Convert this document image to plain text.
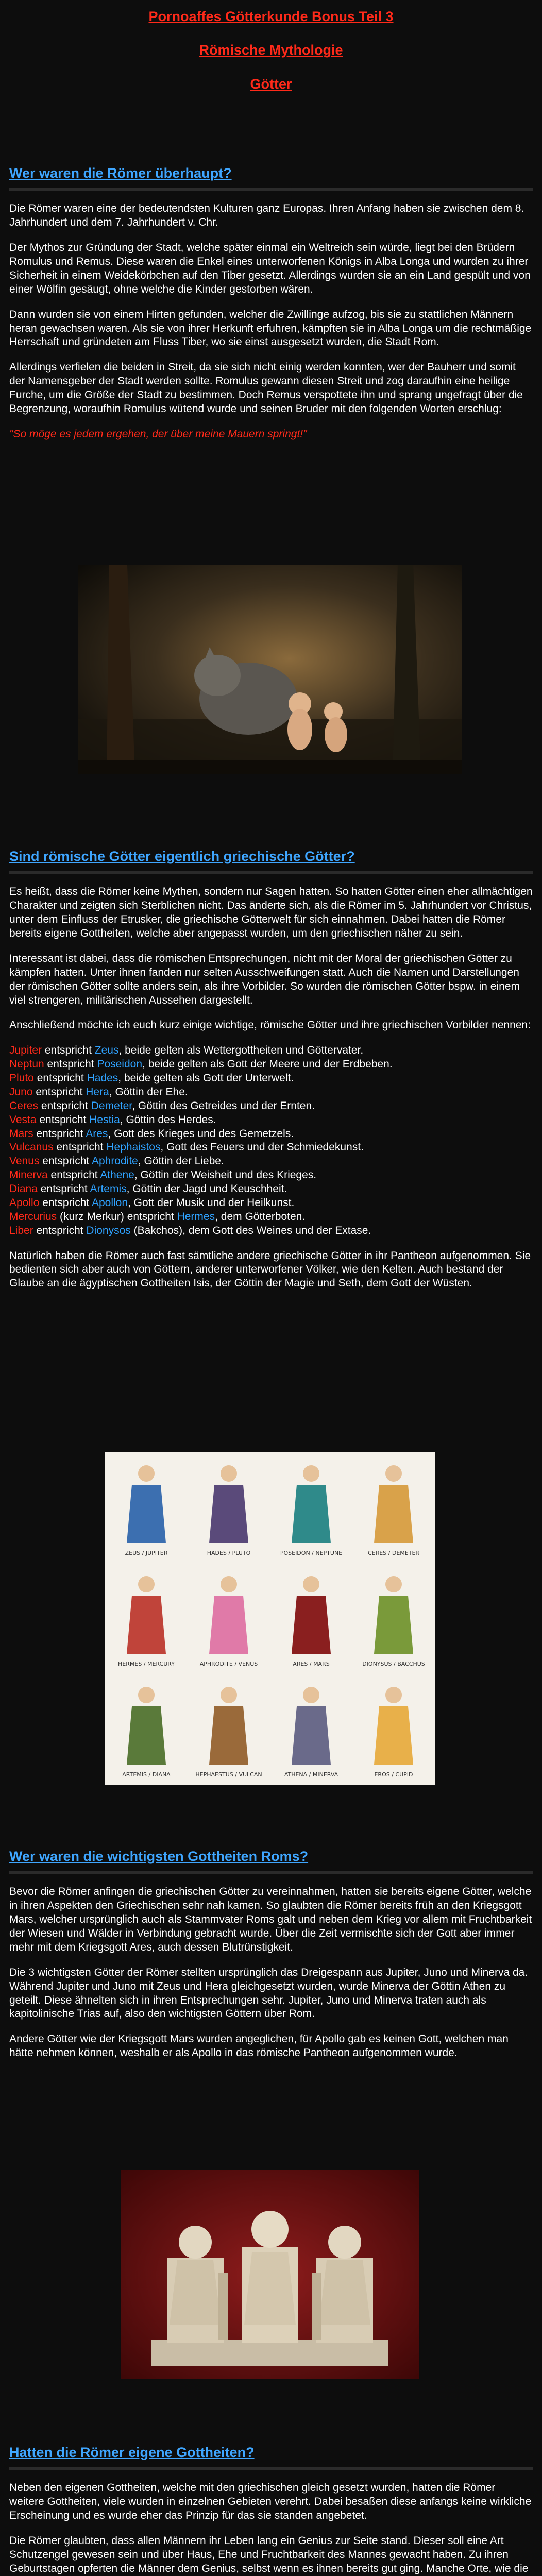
Pornoaffes Götterkunde Bonus Teil 3
Römische Mythologie
Götter
Wer waren die Römer überhaupt?

Die Römer waren eine der bedeutendsten Kulturen ganz Europas. Ihren Anfang haben sie zwischen dem 8. Jahrhundert und dem 7. Jahrhundert v. Chr.

Der Mythos zur Gründung der Stadt, welche später einmal ein Weltreich sein würde, liegt bei den Brüdern Romulus und Remus. Diese waren die Enkel eines unterworfenen Königs in Alba Longa und wurden zu ihrer Sicherheit in einem Weidekörbchen auf den Tiber gesetzt. Allerdings wurden sie an ein Land gespült und von einer Wölfin gesäugt, ohne welche die Kinder gestorben wären.

Dann wurden sie von einem Hirten gefunden, welcher die Zwillinge aufzog, bis sie zu stattlichen Männern heran gewachsen waren. Als sie von ihrer Herkunft erfuhren, kämpften sie in Alba Longa um die rechtmäßige Herrschaft und gründeten am Fluss Tiber, wo sie einst ausgesetzt wurden, die Stadt Rom.

Allerdings verfielen die beiden in Streit, da sie sich nicht einig werden konnten, wer der Bauherr und somit der Namensgeber der Stadt werden sollte. Romulus gewann diesen Streit und zog daraufhin eine heilige Furche, um die Größe der Stadt zu bestimmen. Doch Remus verspottete ihn und sprang ungefragt über die Begrenzung, woraufhin Romulus wütend wurde und seinen Bruder mit den folgenden Worten erschlug:

"So möge es jedem ergehen, der über meine Mauern springt!"

Sind römische Götter eigentlich griechische Götter?

Es heißt, dass die Römer keine Mythen, sondern nur Sagen hatten. So hatten Götter einen eher allmächtigen Charakter und zeigten sich Sterblichen nicht. Das änderte sich, als die Römer im 5. Jahrhundert vor Christus, unter dem Einfluss der Etrusker, die griechische Götterwelt für sich einnahmen. Dabei hatten die Römer bereits eigene Gottheiten, welche aber angepasst wurden, um den griechischen näher zu sein.

Interessant ist dabei, dass die römischen Entsprechungen, nicht mit der Moral der griechischen Götter zu kämpfen hatten. Unter ihnen fanden nur selten Ausschweifungen statt. Auch die Namen und Darstellungen der römischen Götter sollte anders sein, als ihre Vorbilder. So wurden die römischen Götter bspw. in einem viel strengeren, militärischen Aussehen dargestellt.

Anschließend möchte ich euch kurz einige wichtige, römische Götter und ihre griechischen Vorbilder nennen:

Jupiter entspricht Zeus, beide gelten als Wettergottheiten und Göttervater.
Neptun entspricht Poseidon, beide gelten als Gott der Meere und der Erdbeben.
Pluto entspricht Hades, beide gelten als Gott der Unterwelt.
Juno entspricht Hera, Göttin der Ehe.
Ceres entspricht Demeter, Göttin des Getreides und der Ernten.
Vesta entspricht Hestia, Göttin des Herdes.
Mars entspricht Ares, Gott des Krieges und des Gemetzels.
Vulcanus entspricht Hephaistos, Gott des Feuers und der Schmiedekunst.
Venus entspricht Aphrodite, Göttin der Liebe.
Minerva entspricht Athene, Göttin der Weisheit und des Krieges.
Diana entspricht Artemis, Göttin der Jagd und Keuschheit.
Apollo entspricht Apollon, Gott der Musik und der Heilkunst.
Mercurius (kurz Merkur) entspricht Hermes, dem Götterboten.
Liber entspricht Dionysos (Bakchos), dem Gott des Weines und der Extase.

Natürlich haben die Römer auch fast sämtliche andere griechische Götter in ihr Pantheon aufgenommen. Sie bedienten sich aber auch von Göttern, anderer unterworfener Völker, wie den Kelten. Auch bestand der Glaube an die ägyptischen Gottheiten Isis, der Göttin der Magie und Seth, dem Gott der Wüsten.

ZEUS / JUPITER	HADES / PLUTO	POSEIDON / NEPTUNE	CERES / DEMETER
HERMES / MERCURY	APHRODITE / VENUS	ARES / MARS	DIONYSUS / BACCHUS
ARTEMIS / DIANA	HEPHAESTUS / VULCAN	ATHENA / MINERVA	EROS / CUPID
Wer waren die wichtigsten Gottheiten Roms?

Bevor die Römer anfingen die griechischen Götter zu vereinnahmen, hatten sie bereits eigene Götter, welche in ihren Aspekten den Griechischen sehr nah kamen. So glaubten die Römer bereits früh an den Kriegsgott Mars, welcher ursprünglich auch als Stammvater Roms galt und neben dem Krieg vor allem mit Fruchtbarkeit der Wiesen und Wälder in Verbindung gebracht wurde. Über die Zeit vermischte sich der Gott aber immer mehr mit dem Kriegsgott Ares, auch dessen Blutrünstigkeit.

Die 3 wichtigsten Götter der Römer stellten ursprünglich das Dreigespann aus Jupiter, Juno und Minerva da. Während Jupiter und Juno mit Zeus und Hera gleichgesetzt wurden, wurde Minerva der Göttin Athen zu geteilt. Diese ähnelten sich in ihren Entsprechungen sehr. Jupiter, Juno und Minerva traten auch als kapitolinische Trias auf, also den wichtigsten Göttern über Rom.

Andere Götter wie der Kriegsgott Mars wurden angeglichen, für Apollo gab es keinen Gott, welchen man hätte nehmen können, weshalb er als Apollo in das römische Pantheon aufgenommen wurde.

Hatten die Römer eigene Gottheiten?

Neben den eigenen Gottheiten, welche mit den griechischen gleich gesetzt wurden, hatten die Römer weitere Gottheiten, viele wurden in einzelnen Gebieten verehrt. Dabei besaßen diese anfangs keine wirkliche Erscheinung und es wurde eher das Prinzip für das sie standen angebetet.

Die Römer glaubten, dass allen Männern ihr Leben lang ein Genius zur Seite stand. Dieser soll eine Art Schutzengel gewesen sein und über Haus, Ehe und Fruchtbarkeit des Mannes gewacht haben. Zu ihren Geburtstagen opferten die Männer dem Genius, selbst wenn es ihnen bereits gut ging. Manche Orte, wie die
